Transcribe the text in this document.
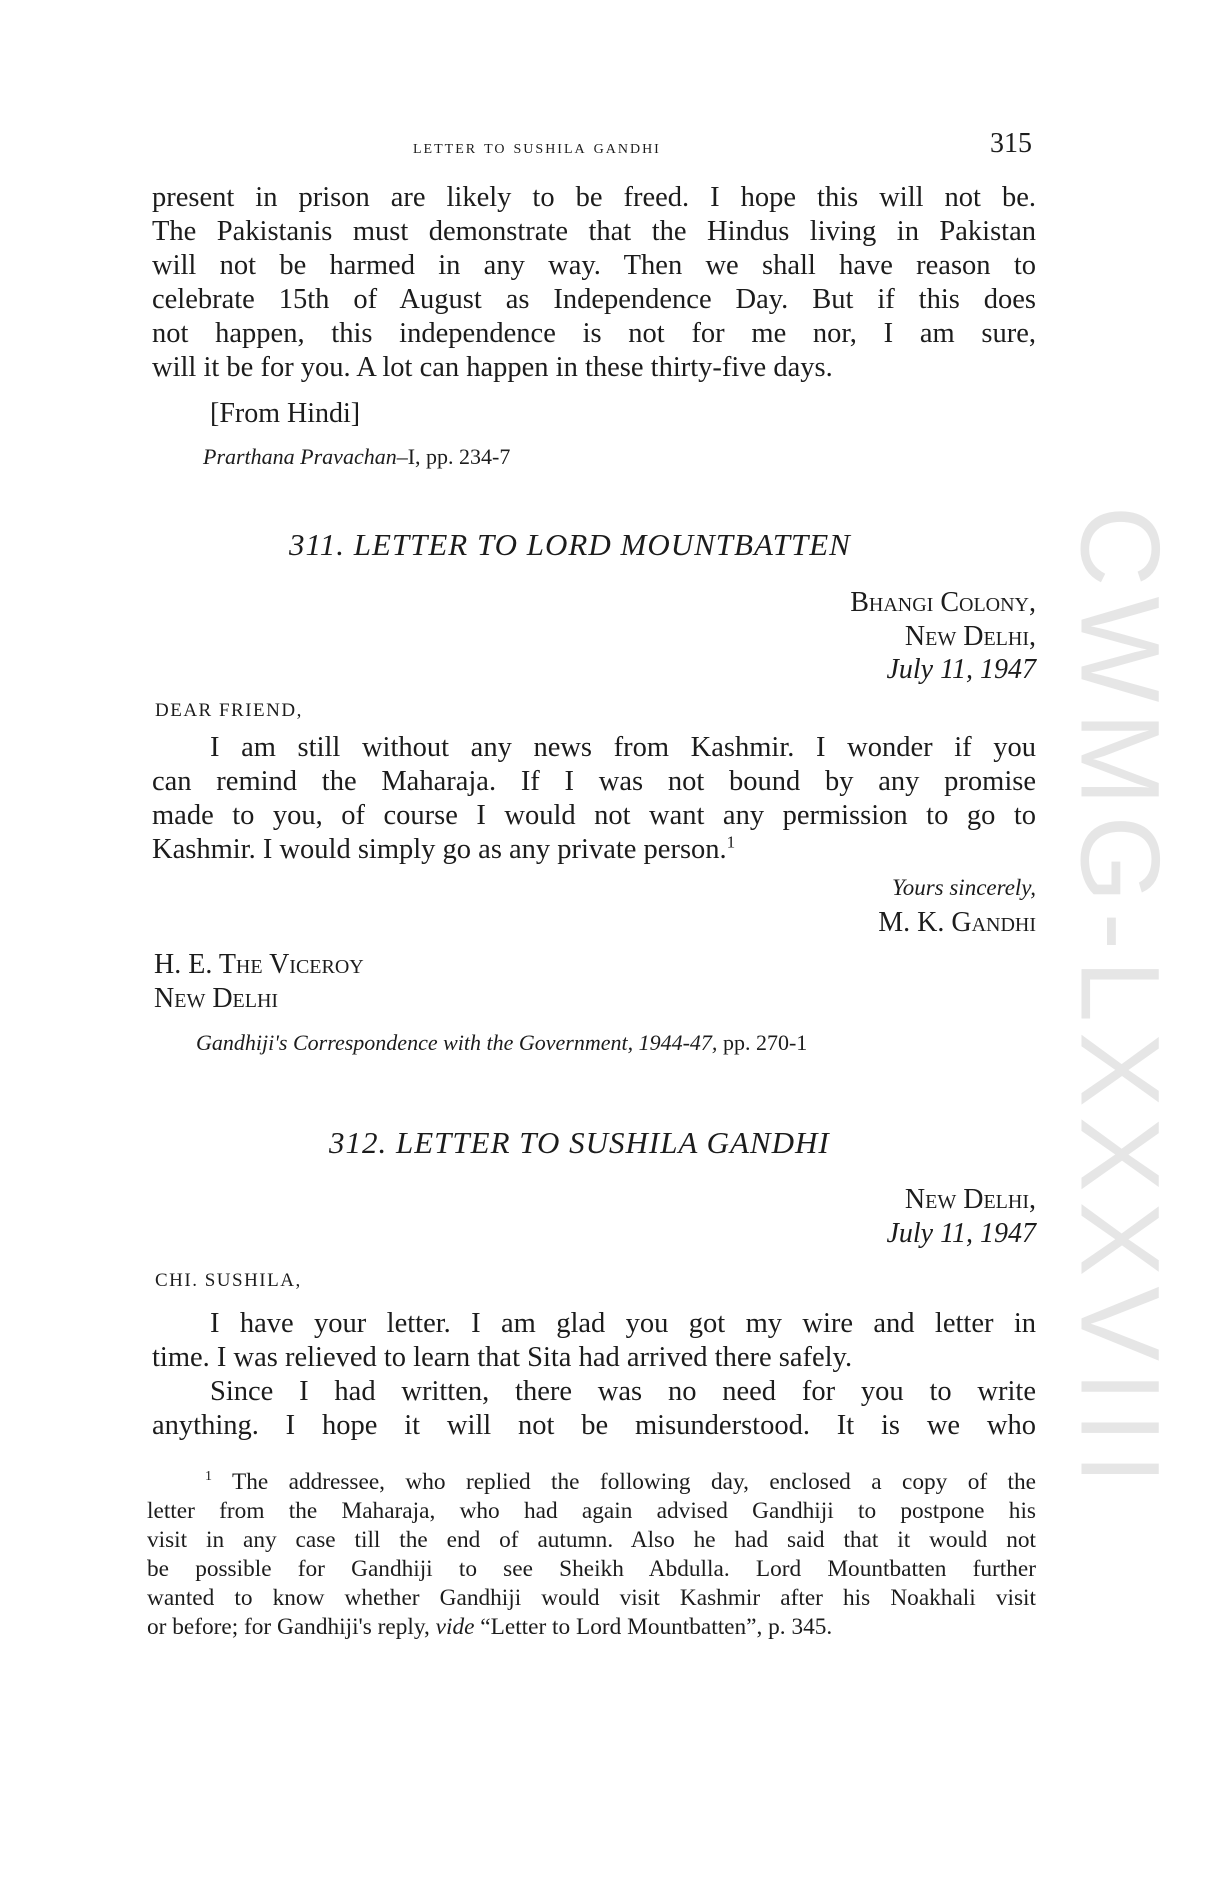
CWMG-LXXXVIII
letter to sushila gandhi	315
present in prison are likely to be freed. I hope this will not be.
The Pakistanis must demonstrate that the Hindus living in Pakistan
will not be harmed in any way. Then we shall have reason to
celebrate 15th of August as Independence Day. But if this does
not happen, this independence is not for me nor, I am sure,
will it be for you. A lot can happen in these thirty-five days.
[From Hindi]
Prarthana Pravachan–I, pp. 234-7
311. LETTER TO LORD MOUNTBATTEN
Bhangi Colony,
New Delhi,
July 11, 1947
DEAR FRIEND,
I am still without any news from Kashmir. I wonder if you
can remind the Maharaja. If I was not bound by any promise
made to you, of course I would not want any permission to go to
Kashmir. I would simply go as any private person.$^1$
Yours sincerely,
M. K. Gandhi
H. E. The Viceroy
New Delhi
Gandhiji's Correspondence with the Government, 1944-47, pp. 270-1
312. LETTER TO SUSHILA GANDHI
New Delhi,
July 11, 1947
CHI. SUSHILA,
I have your letter. I am glad you got my wire and letter in
time. I was relieved to learn that Sita had arrived there safely.
Since I had written, there was no need for you to write
anything. I hope it will not be misunderstood. It is we who
$^1$ The addressee, who replied the following day, enclosed a copy of the
letter from the Maharaja, who had again advised Gandhiji to postpone his
visit in any case till the end of autumn. Also he had said that it would not
be possible for Gandhiji to see Sheikh Abdulla. Lord Mountbatten further
wanted to know whether Gandhiji would visit Kashmir after his Noakhali visit
or before; for Gandhiji's reply, vide “Letter to Lord Mountbatten”, p. 345.
